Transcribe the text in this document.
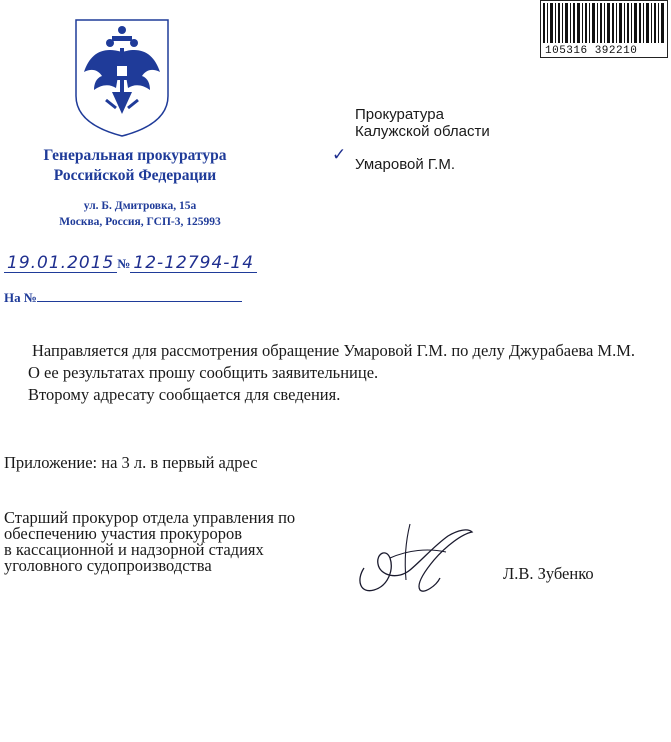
105316 392210
Генеральная прокуратура
Российской Федерации
ул. Б. Дмитровка, 15а
Москва, Россия, ГСП-3, 125993
19.01.2015 № 12-12794-14
На №
Прокуратура
Калужской области
✓ Умаровой Г.М.

Направляется для рассмотрения обращение Умаровой Г.М. по делу Джурабаева М.М.

О ее результатах прошу сообщить заявительнице.

Второму адресату сообщается для сведения.

Приложение: на 3 л. в первый адрес
Старший прокурор отдела управления по
обеспечению участия прокуроров
в кассационной и надзорной стадиях
уголовного судопроизводства	Л.В. Зубенко
